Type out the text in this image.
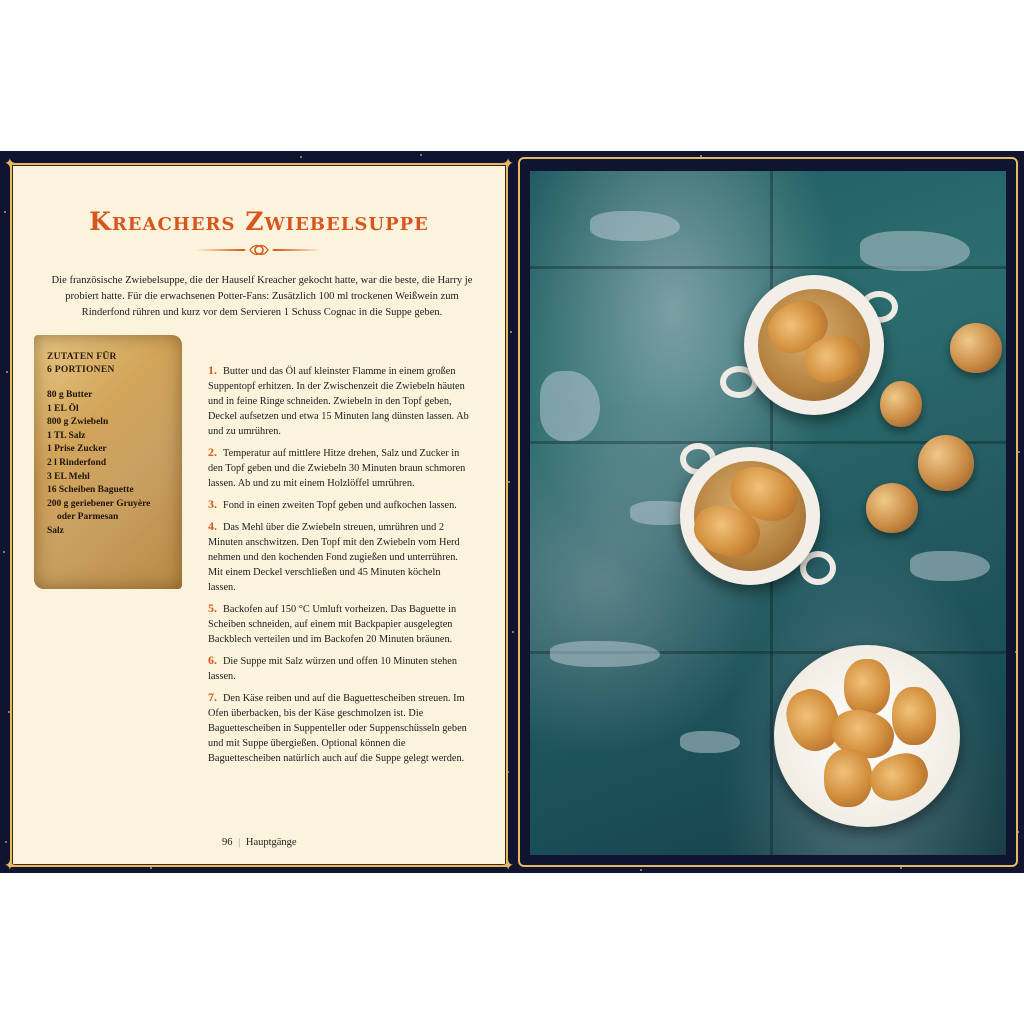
✦	✦
✦	✦
Kreachers Zwiebelsuppe
Die französische Zwiebelsuppe, die der Hauself Kreacher gekocht hatte, war die beste, die Harry je probiert hatte. Für die erwachsenen Potter-Fans: Zusätzlich 100 ml trockenen Weißwein zum Rinderfond rühren und kurz vor dem Servieren 1 Schuss Cognac in die Suppe geben.
ZUTATEN FÜR
6 PORTIONEN
80 g Butter
1 EL Öl
800 g Zwiebeln
1 TL Salz
1 Prise Zucker
2 l Rinderfond
3 EL Mehl
16 Scheiben Baguette
200 g geriebener Gruyère
oder Parmesan
Salz
1. Butter und das Öl auf kleinster Flamme in einem großen Suppentopf erhitzen. In der Zwischenzeit die Zwiebeln häuten und in feine Ringe schneiden. Zwiebeln in den Topf geben, Deckel aufsetzen und etwa 15 Minuten lang dünsten lassen. Ab und zu umrühren.
2. Temperatur auf mittlere Hitze drehen, Salz und Zucker in den Topf geben und die Zwiebeln 30 Minuten braun schmoren lassen. Ab und zu mit einem Holzlöffel umrühren.
3. Fond in einen zweiten Topf geben und aufkochen lassen.
4. Das Mehl über die Zwiebeln streuen, umrühren und 2 Minuten anschwitzen. Den Topf mit den Zwiebeln vom Herd nehmen und den kochenden Fond zugießen und unterrühren. Mit einem Deckel verschließen und 45 Minuten köcheln lassen.
5. Backofen auf 150 °C Umluft vorheizen. Das Baguette in Scheiben schneiden, auf einem mit Backpapier ausgelegten Backblech verteilen und im Backofen 20 Minuten bräunen.
6. Die Suppe mit Salz würzen und offen 10 Minuten stehen lassen.
7. Den Käse reiben und auf die Baguettescheiben streuen. Im Ofen überbacken, bis der Käse geschmolzen ist. Die Baguettescheiben in Suppenteller oder Suppenschüsseln geben und mit Suppe übergießen. Optional können die Baguettescheiben natürlich auch auf die Suppe gelegt werden.
96 | Hauptgänge
